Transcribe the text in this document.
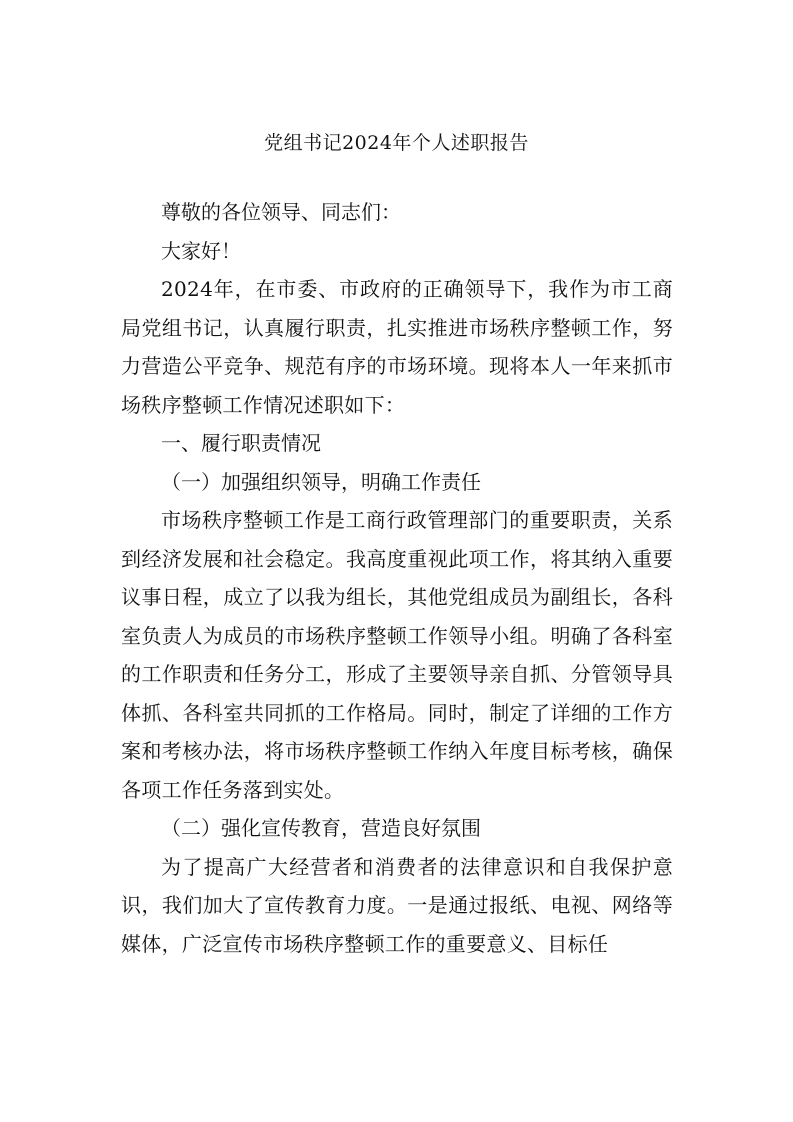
党组书记2024年个人述职报告

尊敬的各位领导、同志们：

大家好！

2024年，在市委、市政府的正确领导下，我作为市工商局党组书记，认真履行职责，扎实推进市场秩序整顿工作，努力营造公平竞争、规范有序的市场环境。现将本人一年来抓市场秩序整顿工作情况述职如下：

一、履行职责情况

（一）加强组织领导，明确工作责任

市场秩序整顿工作是工商行政管理部门的重要职责，关系到经济发展和社会稳定。我高度重视此项工作，将其纳入重要议事日程，成立了以我为组长，其他党组成员为副组长，各科室负责人为成员的市场秩序整顿工作领导小组。明确了各科室的工作职责和任务分工，形成了主要领导亲自抓、分管领导具体抓、各科室共同抓的工作格局。同时，制定了详细的工作方案和考核办法，将市场秩序整顿工作纳入年度目标考核，确保各项工作任务落到实处。

（二）强化宣传教育，营造良好氛围

为了提高广大经营者和消费者的法律意识和自我保护意识，我们加大了宣传教育力度。一是通过报纸、电视、网络等媒体，广泛宣传市场秩序整顿工作的重要意义、目标任
